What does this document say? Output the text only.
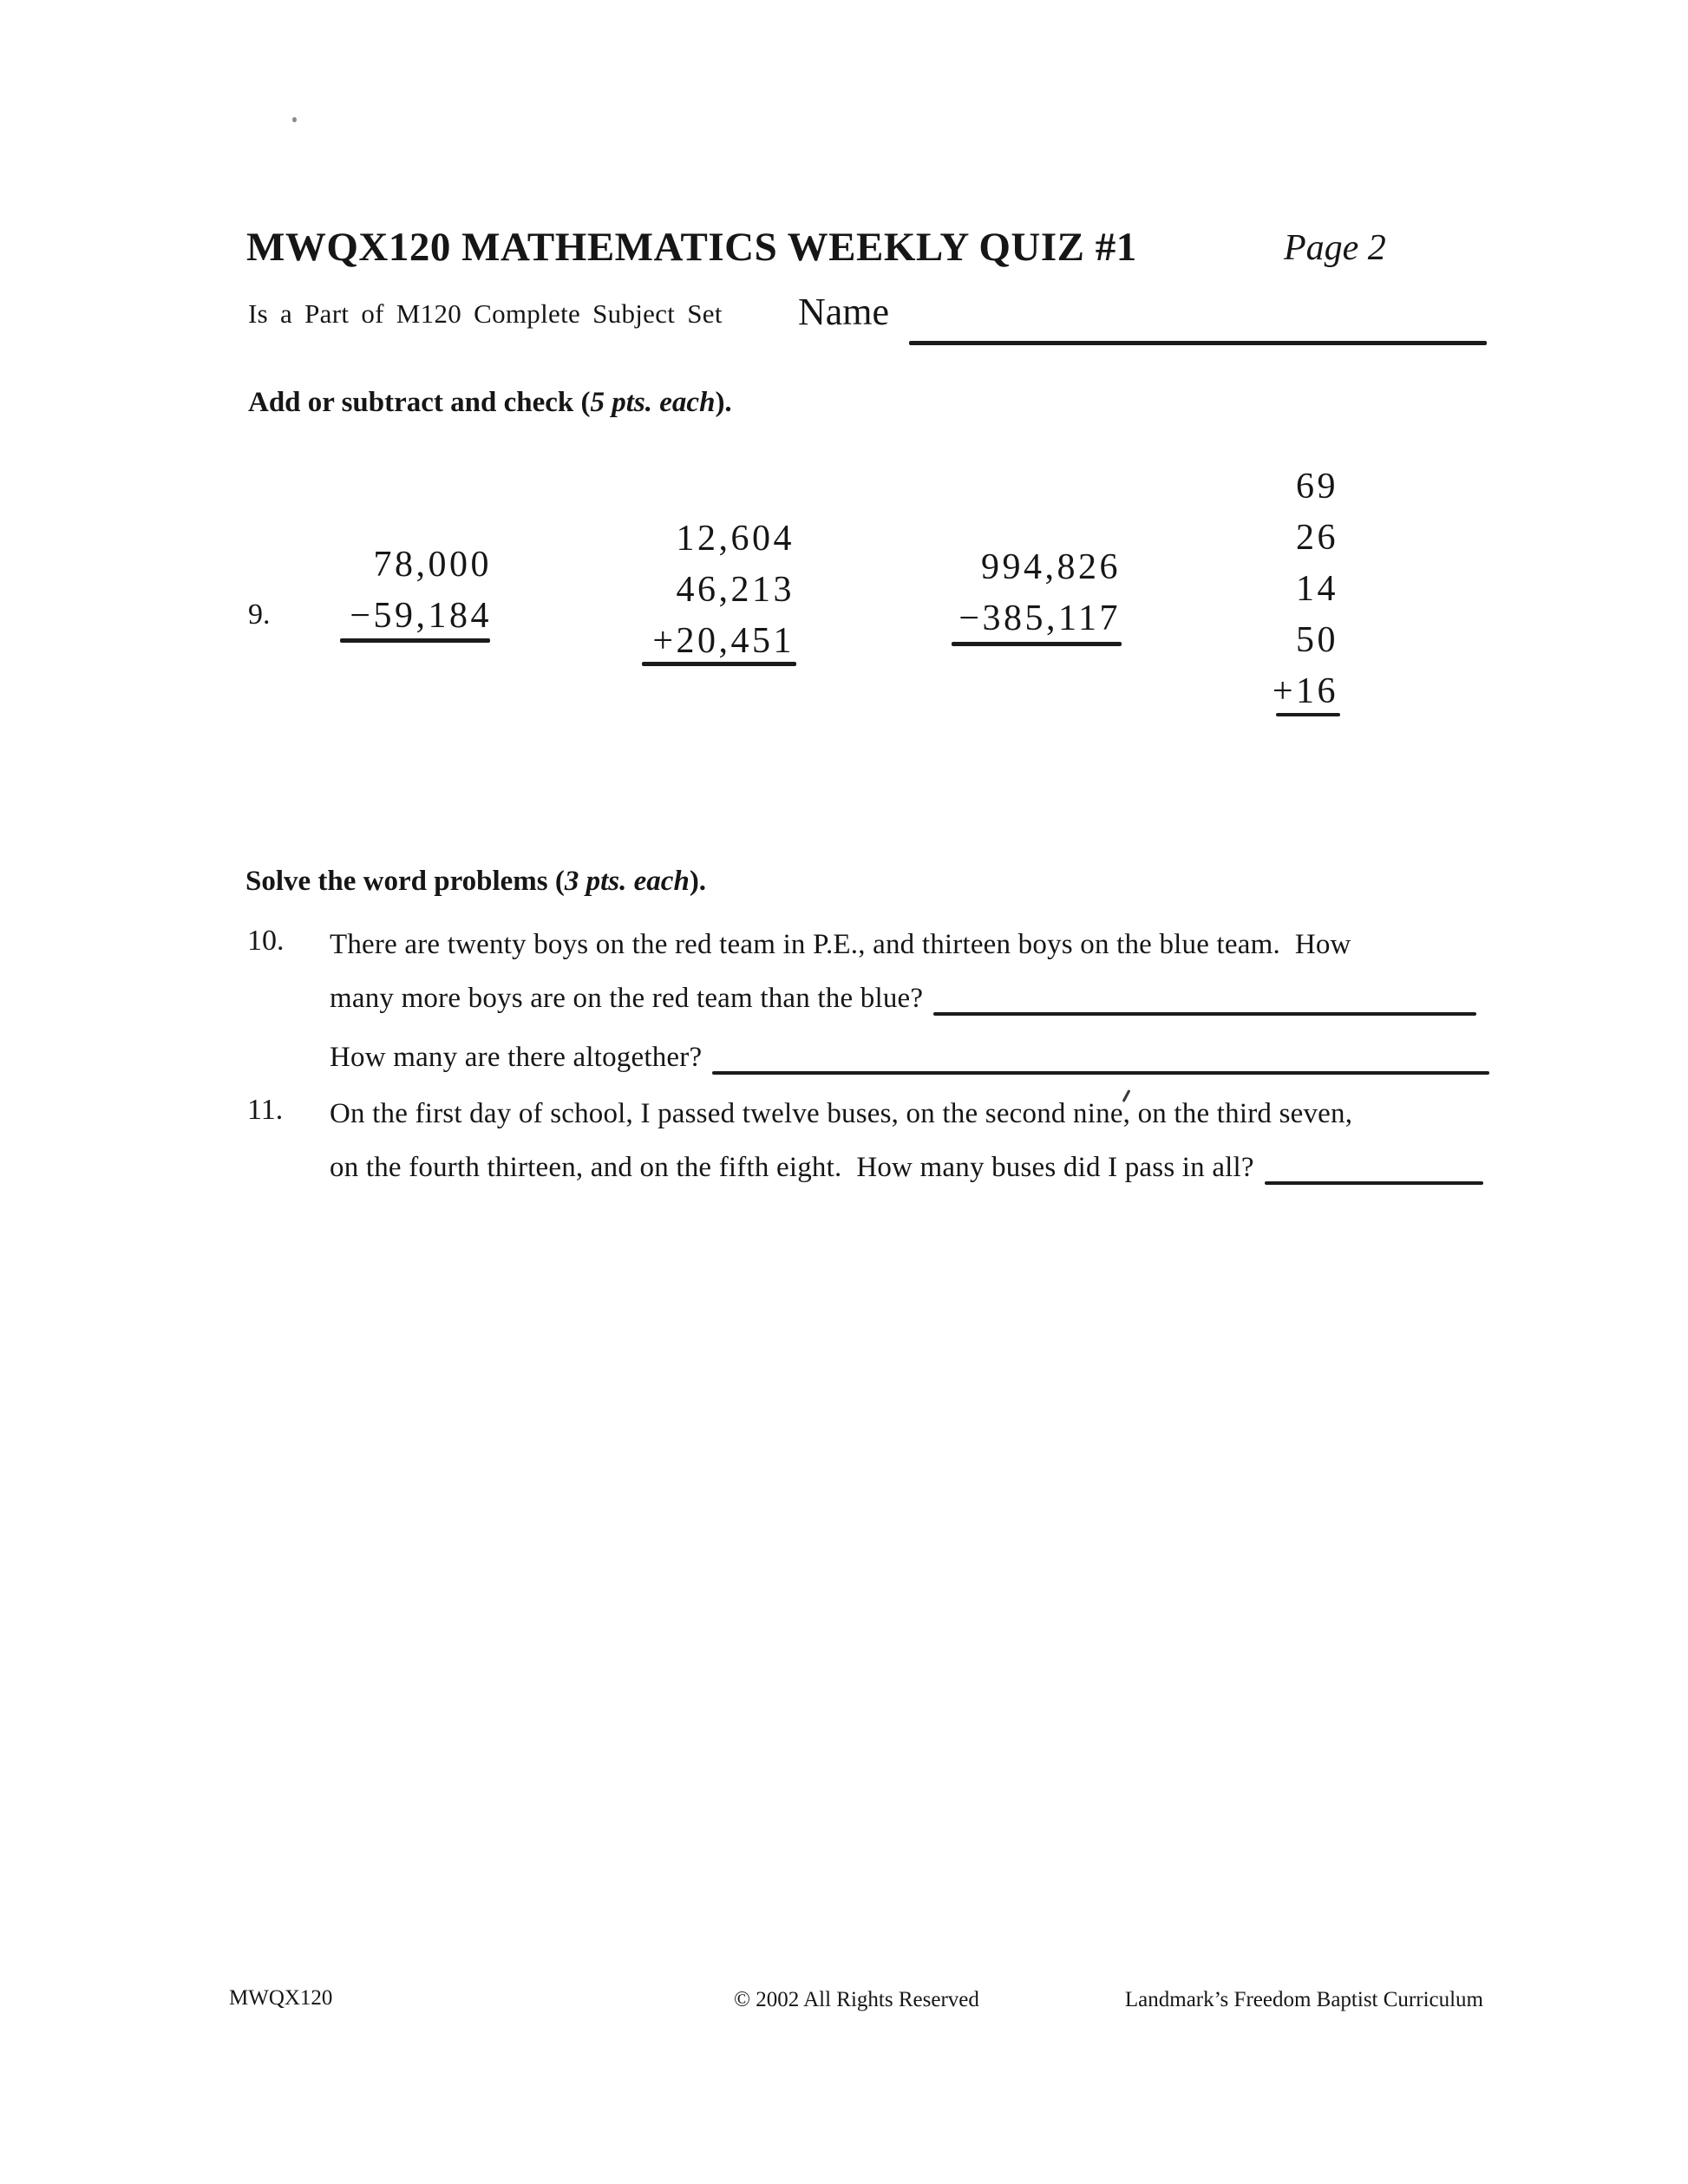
MWQX120 MATHEMATICS WEEKLY QUIZ #1	Page 2
Is a Part of M120 Complete Subject Set Name
Add or subtract and check (5 pts. each).
9.
78,000
−59,184
12,604
46,213
+20,451
994,826
−385,117
69
26
14
50
+16
Solve the word problems (3 pts. each).
10. There are twenty boys on the red team in P.E., and thirteen boys on the blue team.  How
many more boys are on the red team than the blue?
How many are there altogether?
11. On the first day of school, I passed twelve buses, on the second nine, on the third seven,
on the fourth thirteen, and on the fifth eight.  How many buses did I pass in all?
MWQX120	© 2002 All Rights Reserved	Landmark’s Freedom Baptist Curriculum
